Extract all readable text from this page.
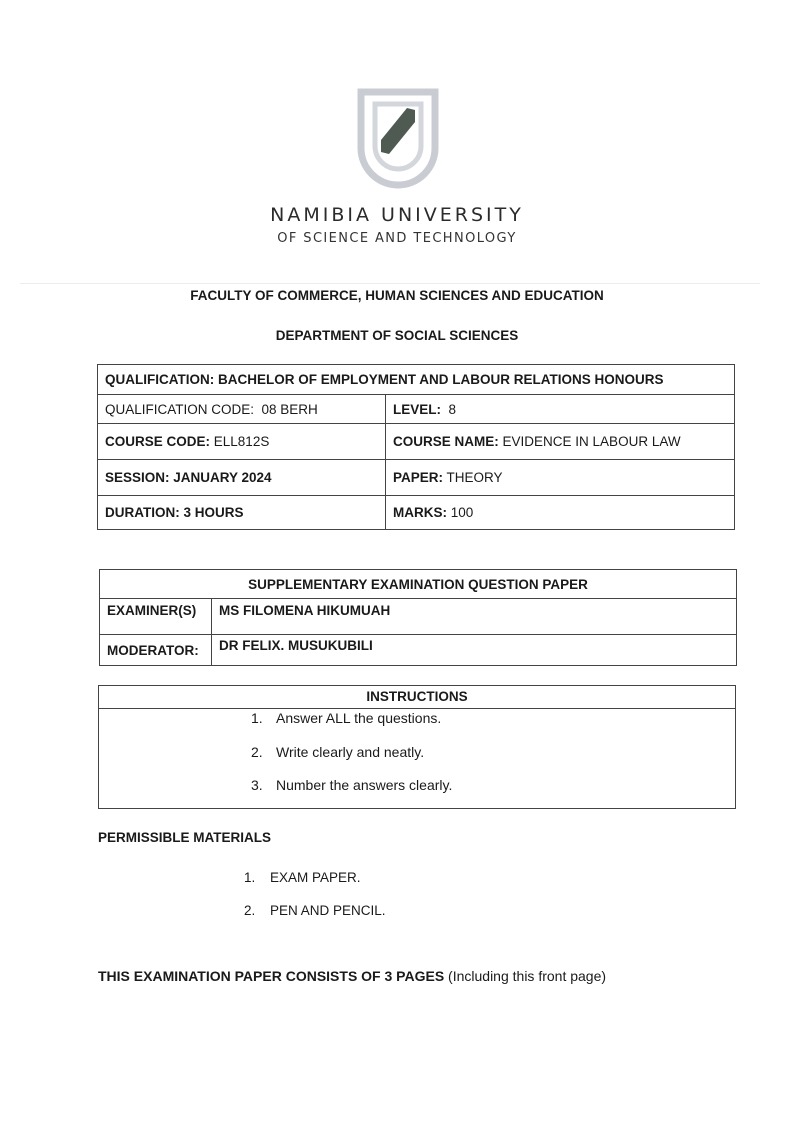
NAMIBIA UNIVERSITY
OF SCIENCE AND TECHNOLOGY
FACULTY OF COMMERCE, HUMAN SCIENCES AND EDUCATION
DEPARTMENT OF SOCIAL SCIENCES
QUALIFICATION: BACHELOR OF EMPLOYMENT AND LABOUR RELATIONS HONOURS	
QUALIFICATION CODE: 08 BERH	LEVEL: 8
COURSE CODE: ELL812S	COURSE NAME: EVIDENCE IN LABOUR LAW
SESSION: JANUARY 2024	PAPER: THEORY
DURATION: 3 HOURS	MARKS: 100
SUPPLEMENTARY EXAMINATION QUESTION PAPER	
EXAMINER(S)	MS FILOMENA HIKUMUAH
MODERATOR:	DR FELIX. MUSUKUBILI
INSTRUCTIONS
1. Answer ALL the questions.
2. Write clearly and neatly.
3. Number the answers clearly.
PERMISSIBLE MATERIALS
1. EXAM PAPER.
2. PEN AND PENCIL.
THIS EXAMINATION PAPER CONSISTS OF 3 PAGES (Including this front page)
